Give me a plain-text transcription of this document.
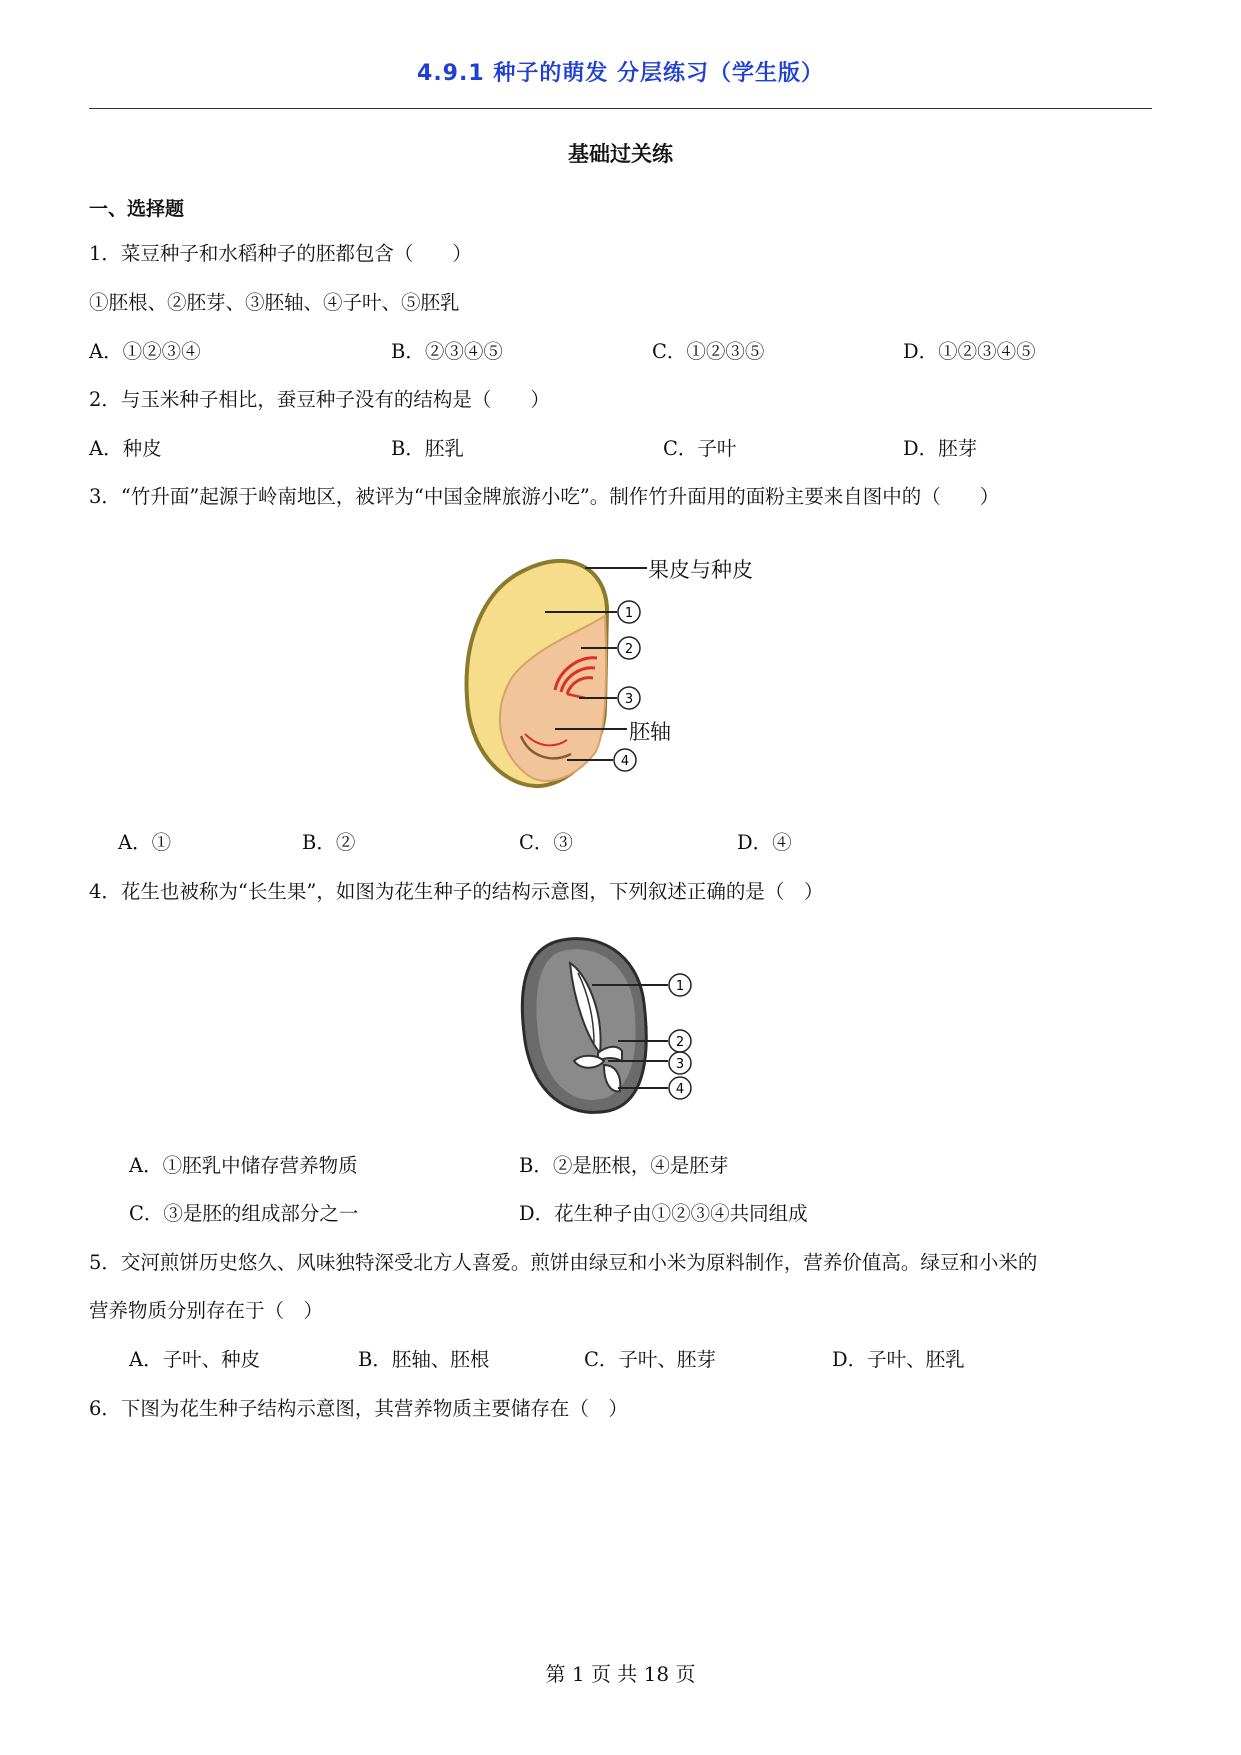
4.9.1 种子的萌发 分层练习（学生版）
基础过关练
一、选择题
1．菜豆种子和水稻种子的胚都包含（　　）
①胚根、②胚芽、③胚轴、④子叶、⑤胚乳
A．①②③④	B．②③④⑤	C．①②③⑤	D．①②③④⑤
2．与玉米种子相比，蚕豆种子没有的结构是（　　）
A．种皮	B．胚乳	C．子叶	D．胚芽
3．“竹升面”起源于岭南地区，被评为“中国金牌旅游小吃”。制作竹升面用的面粉主要来自图中的（　　）
1
2
3
4
果皮与种皮
胚轴
A．①	B．②	C．③	D．④
4．花生也被称为“长生果”，如图为花生种子的结构示意图，下列叙述正确的是（　）
1
2
3
4
A．①胚乳中储存营养物质	B．②是胚根，④是胚芽
C．③是胚的组成部分之一	D．花生种子由①②③④共同组成
5．交河煎饼历史悠久、风味独特深受北方人喜爱。煎饼由绿豆和小米为原料制作，营养价值高。绿豆和小米的
营养物质分别存在于（　）
A．子叶、种皮	B．胚轴、胚根	C．子叶、胚芽	D．子叶、胚乳
6．下图为花生种子结构示意图，其营养物质主要储存在（　）
第 1 页 共 18 页
